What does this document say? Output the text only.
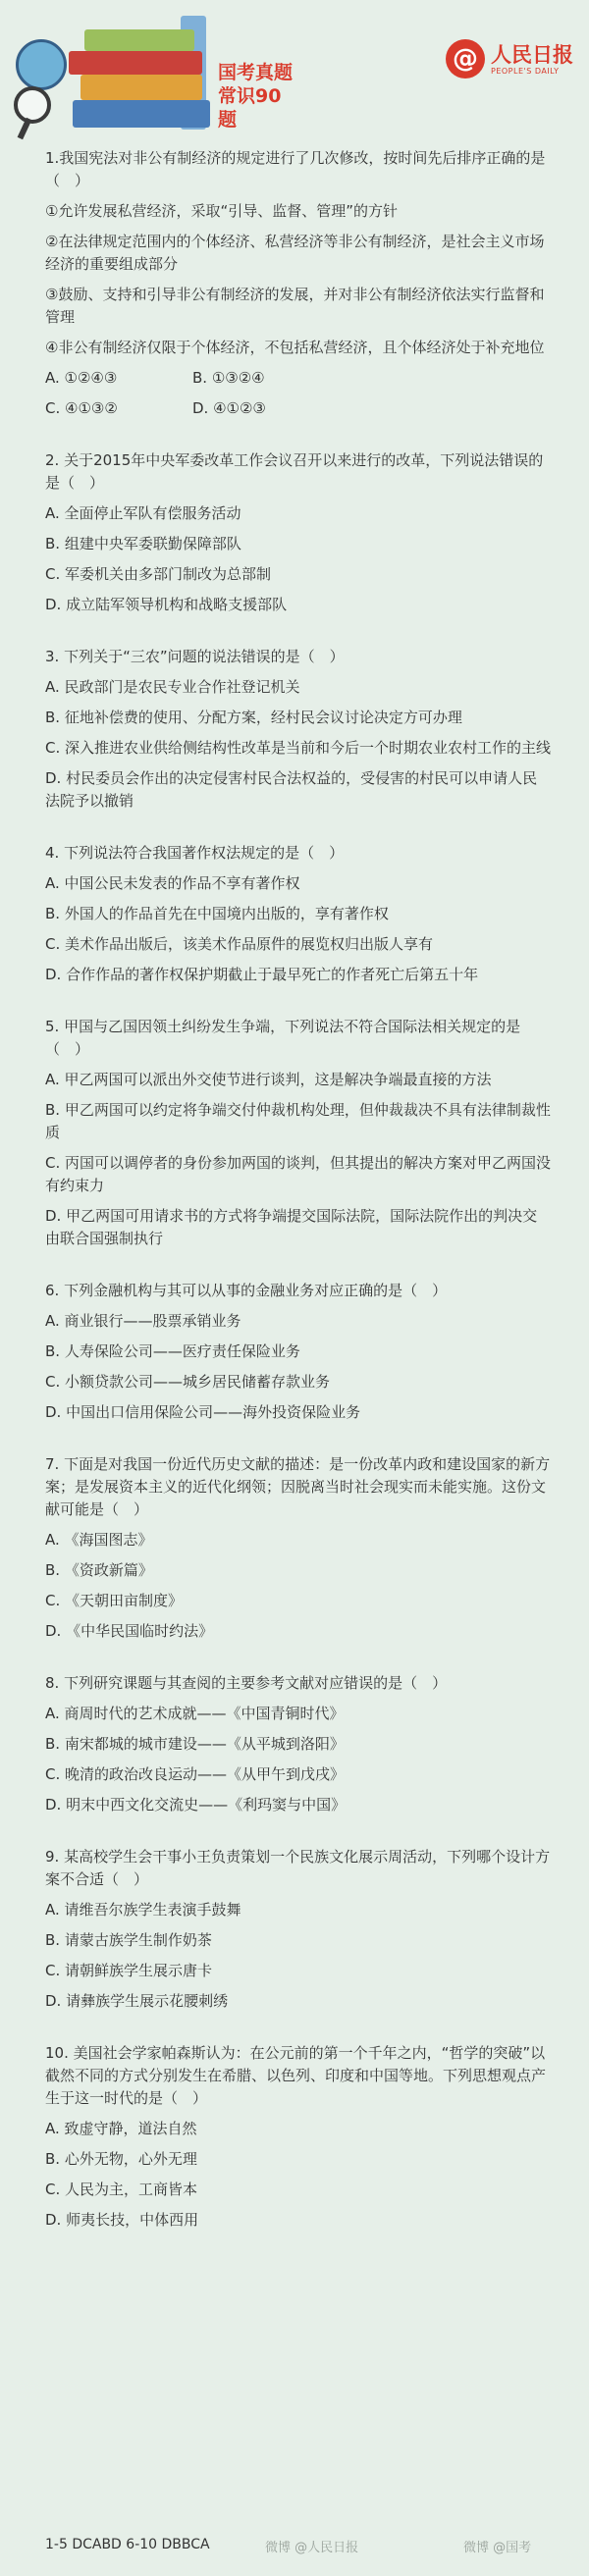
国考真题
常识90题
@ 人民日报
PEOPLE'S DAILY

1.我国宪法对非公有制经济的规定进行了几次修改，按时间先后排序正确的是（　）

①允许发展私营经济，采取“引导、监督、管理”的方针

②在法律规定范围内的个体经济、私营经济等非公有制经济，是社会主义市场经济的重要组成部分

③鼓励、支持和引导非公有制经济的发展，并对非公有制经济依法实行监督和管理

④非公有制经济仅限于个体经济，不包括私营经济，且个体经济处于补充地位

A. ①②④③	B. ①③②④

C. ④①③②	D. ④①②③

2. 关于2015年中央军委改革工作会议召开以来进行的改革，下列说法错误的是（　）

A. 全面停止军队有偿服务活动

B. 组建中央军委联勤保障部队

C. 军委机关由多部门制改为总部制

D. 成立陆军领导机构和战略支援部队

3. 下列关于“三农”问题的说法错误的是（　）

A. 民政部门是农民专业合作社登记机关

B. 征地补偿费的使用、分配方案，经村民会议讨论决定方可办理

C. 深入推进农业供给侧结构性改革是当前和今后一个时期农业农村工作的主线

D. 村民委员会作出的决定侵害村民合法权益的，受侵害的村民可以申请人民法院予以撤销

4. 下列说法符合我国著作权法规定的是（　）

A. 中国公民未发表的作品不享有著作权

B. 外国人的作品首先在中国境内出版的，享有著作权

C. 美术作品出版后，该美术作品原件的展览权归出版人享有

D. 合作作品的著作权保护期截止于最早死亡的作者死亡后第五十年

5. 甲国与乙国因领土纠纷发生争端，下列说法不符合国际法相关规定的是（　）

A. 甲乙两国可以派出外交使节进行谈判，这是解决争端最直接的方法

B. 甲乙两国可以约定将争端交付仲裁机构处理，但仲裁裁决不具有法律制裁性质

C. 丙国可以调停者的身份参加两国的谈判，但其提出的解决方案对甲乙两国没有约束力

D. 甲乙两国可用请求书的方式将争端提交国际法院，国际法院作出的判决交由联合国强制执行

6. 下列金融机构与其可以从事的金融业务对应正确的是（　）

A. 商业银行——股票承销业务

B. 人寿保险公司——医疗责任保险业务

C. 小额贷款公司——城乡居民储蓄存款业务

D. 中国出口信用保险公司——海外投资保险业务

7. 下面是对我国一份近代历史文献的描述：是一份改革内政和建设国家的新方案；是发展资本主义的近代化纲领；因脱离当时社会现实而未能实施。这份文献可能是（　）

A. 《海国图志》

B. 《资政新篇》

C. 《天朝田亩制度》

D. 《中华民国临时约法》

8. 下列研究课题与其查阅的主要参考文献对应错误的是（　）

A. 商周时代的艺术成就——《中国青铜时代》

B. 南宋都城的城市建设——《从平城到洛阳》

C. 晚清的政治改良运动——《从甲午到戊戌》

D. 明末中西文化交流史——《利玛窦与中国》

9. 某高校学生会干事小王负责策划一个民族文化展示周活动，下列哪个设计方案不合适（　）

A. 请维吾尔族学生表演手鼓舞

B. 请蒙古族学生制作奶茶

C. 请朝鲜族学生展示唐卡

D. 请彝族学生展示花腰刺绣

10. 美国社会学家帕森斯认为：在公元前的第一个千年之内，“哲学的突破”以截然不同的方式分别发生在希腊、以色列、印度和中国等地。下列思想观点产生于这一时代的是（　）

A. 致虚守静，道法自然

B. 心外无物，心外无理

C. 人民为主，工商皆本

D. 师夷长技，中体西用

1-5 DCABD 6-10 DBBCA	微博 @人民日报	微博 @国考
